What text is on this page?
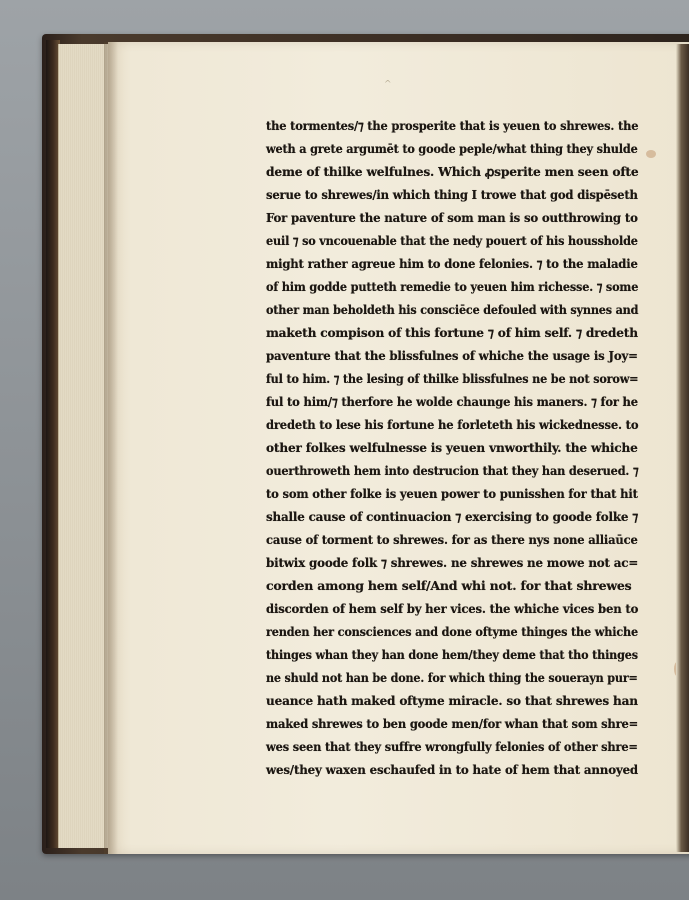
^
the tormentes/⁊ the prosperite that is yeuen to shrewes. the
weth a grete argumēt to goode peple/what thing they shulde
deme of thilke welfulnes. Which ꝓsperite men seen ofte
serue to shrewes/in which thing I trowe that god dispēseth
For paventure the nature of som man is so outthrowing to
euil ⁊ so vncouenable that the nedy pouert of his houssholde
might rather agreue him to done felonies. ⁊ to the maladie
of him godde putteth remedie to yeuen him richesse. ⁊ some
other man beholdeth his consciēce defouled with synnes and
maketh compison of this fortune ⁊ of him self. ⁊ dredeth
paventure that the blissfulnes of whiche the usage is Joy=
ful to him. ⁊ the lesing of thilke blissfulnes ne be not sorow=
ful to him/⁊ therfore he wolde chaunge his maners. ⁊ for he
dredeth to lese his fortune he forleteth his wickednesse. to
other folkes welfulnesse is yeuen vnworthily. the whiche
ouerthroweth hem into destrucion that they han deserued. ⁊
to som other folke is yeuen power to punisshen for that hit
shalle cause of continuacion ⁊ exercising to goode folke ⁊
cause of torment to shrewes. for as there nys none alliaūce
bitwix goode folk ⁊ shrewes. ne shrewes ne mowe not ac=
corden among hem self/And whi not. for that shrewes
discorden of hem self by her vices. the whiche vices ben to
renden her consciences and done oftyme thinges the whiche
thinges whan they han done hem/they deme that tho thinges
ne shuld not han be done. for which thing the souerayn pur=
ueance hath maked oftyme miracle. so that shrewes han
maked shrewes to ben goode men/for whan that som shre=
wes seen that they suffre wrongfully felonies of other shre=
wes/they waxen eschaufed in to hate of hem that annoyed
